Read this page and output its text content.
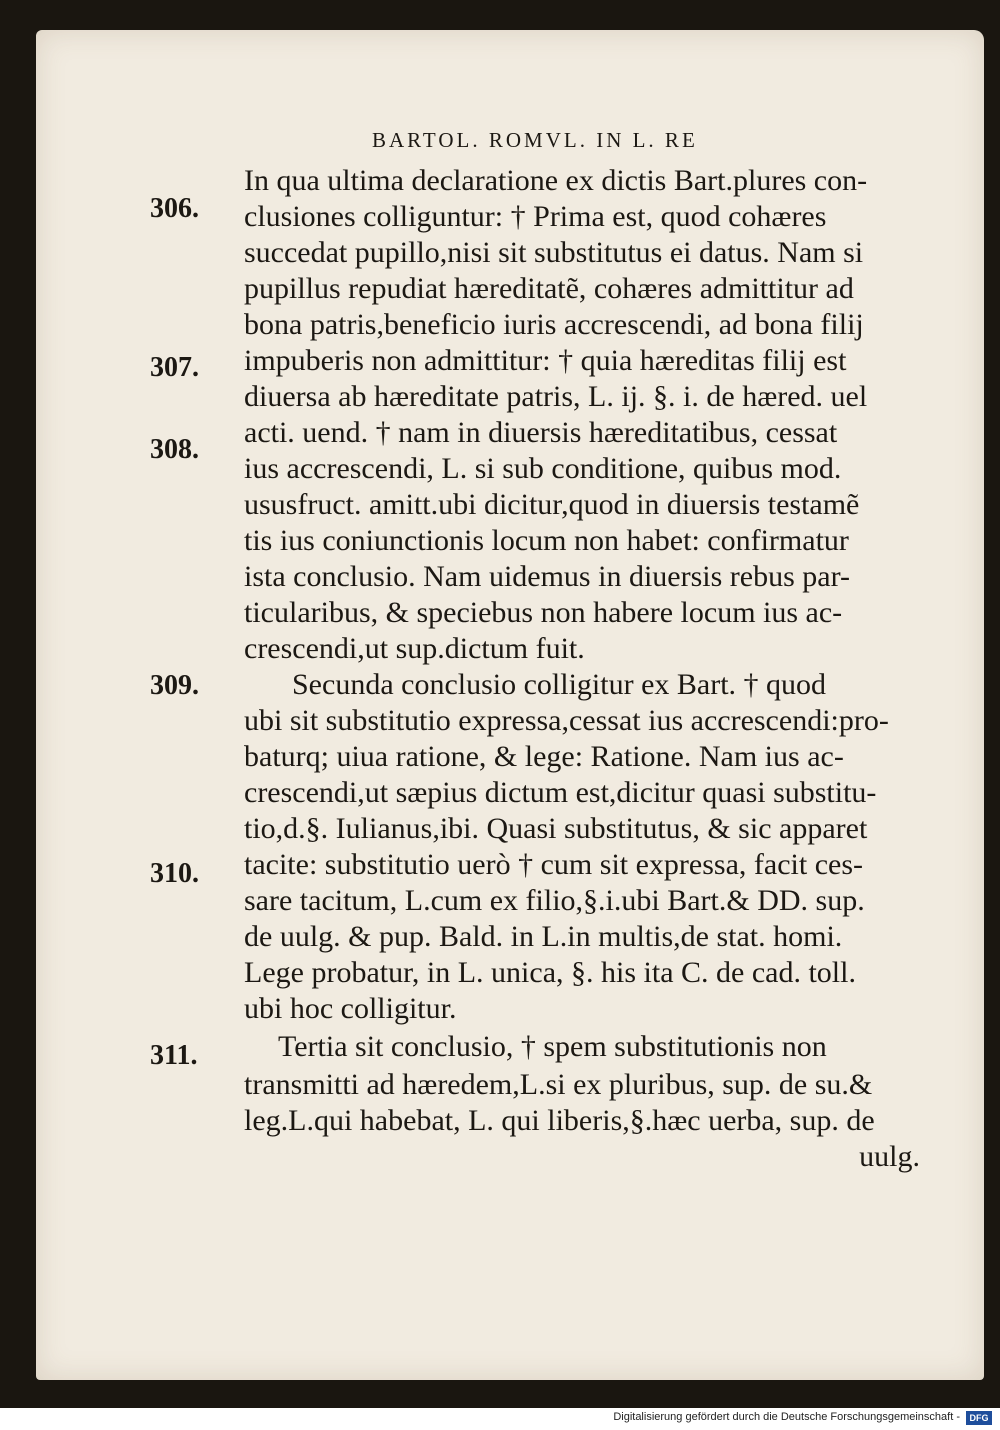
BARTOL. ROMVL. IN L. RE
306.
307.
308.
309.
310.
311.
In qua ultima declaratione ex dictis Bart.plures con-
clusiones colliguntur: † Prima est, quod cohæres
succedat pupillo,nisi sit substitutus ei datus. Nam si
pupillus repudiat hæreditatẽ, cohæres admittitur ad
bona patris,beneficio iuris accrescendi, ad bona filij
impuberis non admittitur: † quia hæreditas filij est
diuersa ab hæreditate patris, L. ij. §. i. de hæred. uel
acti. uend. † nam in diuersis hæreditatibus, cessat
ius accrescendi, L. si sub conditione, quibus mod.
ususfruct. amitt.ubi dicitur,quod in diuersis testamẽ
tis ius coniunctionis locum non habet: confirmatur
ista conclusio. Nam uidemus in diuersis rebus par-
ticularibus, & speciebus non habere locum ius ac-
crescendi,ut sup.dictum fuit.
Secunda conclusio colligitur ex Bart. † quod
ubi sit substitutio expressa,cessat ius accrescendi:pro-
baturq; uiua ratione, & lege: Ratione. Nam ius ac-
crescendi,ut sæpius dictum est,dicitur quasi substitu-
tio,d.§. Iulianus,ibi. Quasi substitutus, & sic apparet
tacite: substitutio uerò † cum sit expressa, facit ces-
sare tacitum, L.cum ex filio,§.i.ubi Bart.& DD. sup.
de uulg. & pup. Bald. in L.in multis,de stat. homi.
Lege probatur, in L. unica, §. his ita C. de cad. toll.
ubi hoc colligitur.
Tertia sit conclusio, † spem substitutionis non
transmitti ad hæredem,L.si ex pluribus, sup. de su.&
leg.L.qui habebat, L. qui liberis,§.hæc uerba, sup. de
uulg.
Digitalisierung gefördert durch die Deutsche Forschungsgemeinschaft -	DFG
